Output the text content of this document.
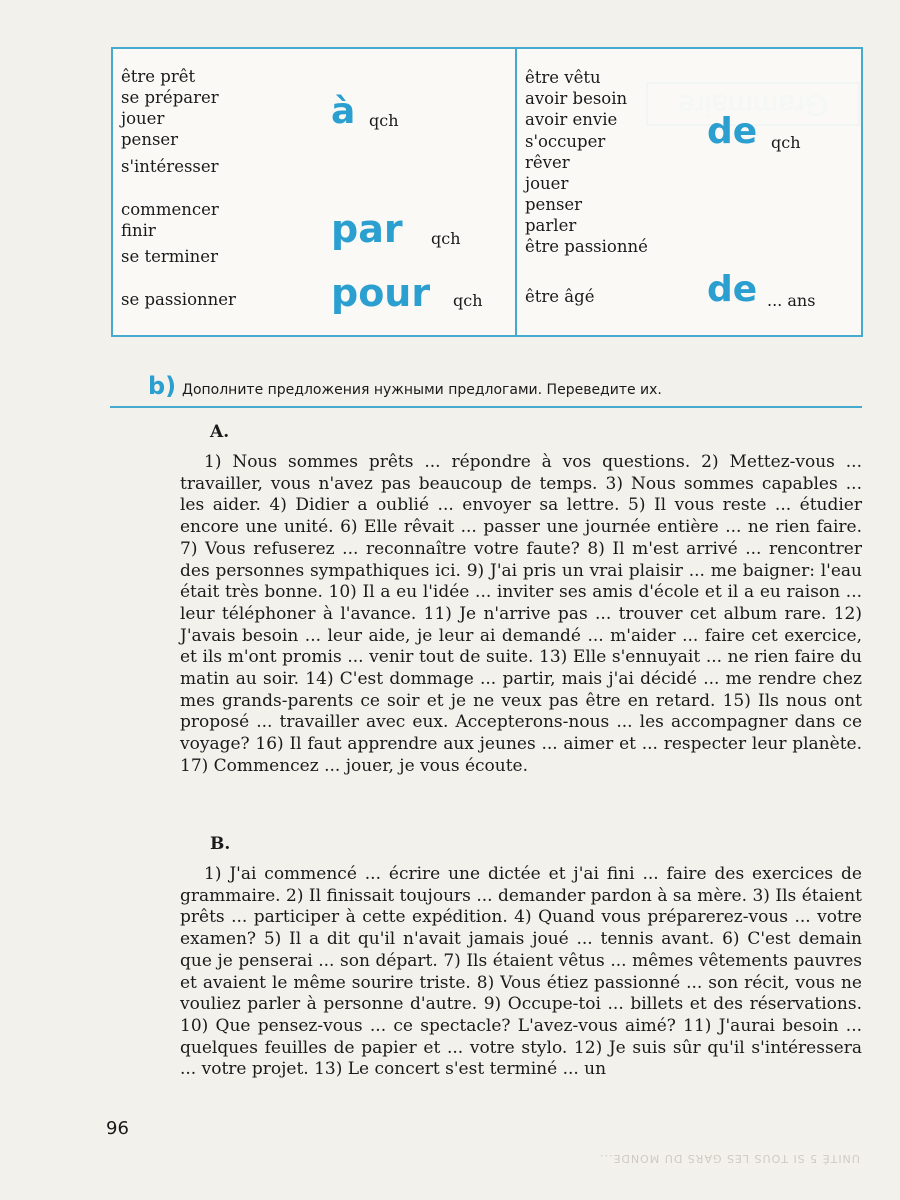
être prêt
se préparer
jouer
penser
s'intéresser
à qch
commencer
finir
se terminer
par qch
se passionner	pour qch
être vêtu
avoir besoin
avoir envie
s'occuper
rêver
jouer
penser
parler
être passionné
de qch
être âgé	de ... ans
b) Дополните предложения нужными предлогами. Переведите их.
A.
1) Nous sommes prêts ... répondre à vos questions. 2) Mettez-vous ... travailler, vous n'avez pas beaucoup de temps. 3) Nous sommes capables ... les aider. 4) Didier a oublié ... envoyer sa lettre. 5) Il vous reste ... étudier encore une unité. 6) Elle rêvait ... passer une journée entière ... ne rien faire. 7) Vous refuserez ... reconnaître votre faute? 8) Il m'est arrivé ... rencontrer des personnes sympathiques ici. 9) J'ai pris un vrai plaisir ... me baigner: l'eau était très bonne. 10) Il a eu l'idée ... inviter ses amis d'école et il a eu raison ... leur téléphoner à l'avance. 11) Je n'arrive pas ... trouver cet album rare. 12) J'avais besoin ... leur aide, je leur ai demandé ... m'aider ... faire cet exercice, et ils m'ont promis ... venir tout de suite. 13) Elle s'ennuyait ... ne rien faire du matin au soir. 14) C'est dommage ... partir, mais j'ai décidé ... me rendre chez mes grands-parents ce soir et je ne veux pas être en retard. 15) Ils nous ont proposé ... travailler avec eux. Accepterons-nous ... les accompagner dans ce voyage? 16) Il faut apprendre aux jeunes ... aimer et ... respecter leur planète. 17) Commencez ... jouer, je vous écoute.
B.
1) J'ai commencé ... écrire une dictée et j'ai fini ... faire des exercices de grammaire. 2) Il finissait toujours ... demander pardon à sa mère. 3) Ils étaient prêts ... participer à cette expédition. 4) Quand vous préparerez-vous ... votre examen? 5) Il a dit qu'il n'avait jamais joué ... tennis avant. 6) C'est demain que je penserai ... son départ. 7) Ils étaient vêtus ... mêmes vêtements pauvres et avaient le même sourire triste. 8) Vous étiez passionné ... son récit, vous ne vouliez parler à personne d'autre. 9) Occupe-toi ... billets et des réservations. 10) Que pensez-vous ... ce spectacle? L'avez-vous aimé? 11) J'aurai besoin ... quelques feuilles de papier et ... votre stylo. 12) Je suis sûr qu'il s'intéressera ... votre projet. 13) Le concert s'est terminé ... un
96
UNITÉ 5 SI TOUS LES GARS DU MONDE...
